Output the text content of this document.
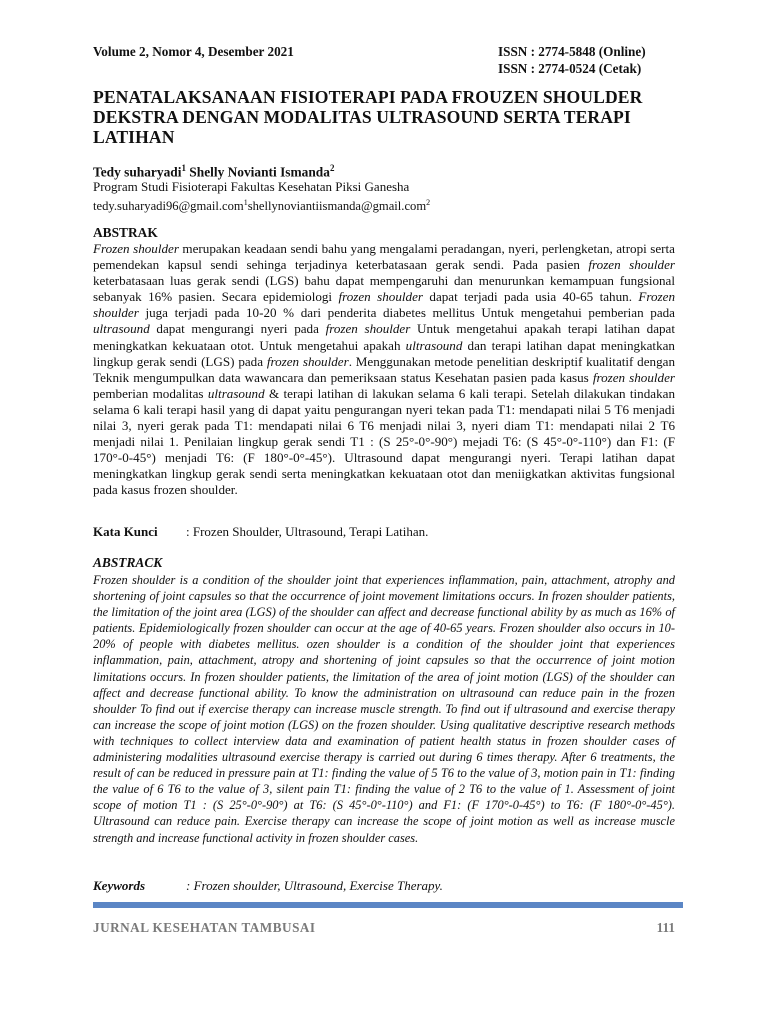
Volume 2, Nomor 4, Desember 2021	ISSN : 2774-5848 (Online)
ISSN : 2774-0524 (Cetak)
PENATALAKSANAAN FISIOTERAPI PADA FROUZEN SHOULDER DEKSTRA DENGAN MODALITAS ULTRASOUND SERTA TERAPI LATIHAN
Tedy suharyadi$^1$ Shelly Novianti Ismanda$^2$
Program Studi Fisioterapi Fakultas Kesehatan Piksi Ganesha
tedy.suharyadi96@gmail.com$^1$shellynoviantiismanda@gmail.com$^2$
ABSTRAK
Frozen shoulder merupakan keadaan sendi bahu yang mengalami peradangan, nyeri, perlengketan, atropi serta pemendekan kapsul sendi sehinga terjadinya keterbatasaan gerak sendi. Pada pasien frozen shoulder keterbatasaan luas gerak sendi (LGS) bahu dapat mempengaruhi dan menurunkan kemampuan fungsional sebanyak 16% pasien. Secara epidemiologi frozen shoulder dapat terjadi pada usia 40-65 tahun. Frozen shoulder juga terjadi pada 10-20 % dari penderita diabetes mellitus Untuk mengetahui pemberian pada ultrasound dapat mengurangi nyeri pada frozen shoulder Untuk mengetahui apakah terapi latihan dapat meningkatkan kekuataan otot. Untuk mengetahui apakah ultrasound dan terapi latihan dapat meningkatkan lingkup gerak sendi (LGS) pada frozen shoulder. Menggunakan metode penelitian deskriptif kualitatif dengan Teknik mengumpulkan data wawancara dan pemeriksaan status Kesehatan pasien pada kasus frozen shoulder pemberian modalitas ultrasound & terapi latihan di lakukan selama 6 kali terapi. Setelah dilakukan tindakan selama 6 kali terapi hasil yang di dapat yaitu pengurangan nyeri tekan pada T1: mendapati nilai 5 T6 menjadi nilai 3, nyeri gerak pada T1: mendapati nilai 6 T6 menjadi nilai 3, nyeri diam T1: mendapati nilai 2 T6 menjadi nilai 1. Penilaian lingkup gerak sendi T1 : (S 25°-0°-90°) mejadi T6: (S 45°-0°-110°) dan F1: (F 170°-0-45°) menjadi T6: (F 180°-0°-45°). Ultrasound dapat mengurangi nyeri. Terapi latihan dapat meningkatkan lingkup gerak sendi serta meningkatkan kekuataan otot dan meniigkatkan aktivitas fungsional pada kasus frozen shoulder.
Kata Kunci : Frozen Shoulder, Ultrasound, Terapi Latihan.
ABSTRACK
Frozen shoulder is a condition of the shoulder joint that experiences inflammation, pain, attachment, atrophy and shortening of joint capsules so that the occurrence of joint movement limitations occurs. In frozen shoulder patients, the limitation of the joint area (LGS) of the shoulder can affect and decrease functional ability by as much as 16% of patients. Epidemiologically frozen shoulder can occur at the age of 40-65 years. Frozen shoulder also occurs in 10-20% of people with diabetes mellitus. ozen shoulder is a condition of the shoulder joint that experiences inflammation, pain, attachment, atropy and shortening of joint capsules so that the occurrence of joint motion limitations occurs. In frozen shoulder patients, the limitation of the area of joint motion (LGS) of the shoulder can affect and decrease functional ability. To know the administration on ultrasound can reduce pain in the frozen shoulder To find out if exercise therapy can increase muscle strength. To find out if ultrasound and exercise therapy can increase the scope of joint motion (LGS) on the frozen shoulder. Using qualitative descriptive research methods with techniques to collect interview data and examination of patient health status in frozen shoulder cases of administering modalities ultrasound exercise therapy is carried out during 6 times therapy. After 6 treatments, the result of can be reduced in pressure pain at T1: finding the value of 5 T6 to the value of 3, motion pain in T1: finding the value of 6 T6 to the value of 3, silent pain T1: finding the value of 2 T6 to the value of 1. Assessment of joint scope of motion T1 : (S 25°-0°-90°) at T6: (S 45°-0°-110°) and F1: (F 170°-0-45°) to T6: (F 180°-0°-45°). Ultrasound can reduce pain. Exercise therapy can increase the scope of joint motion as well as increase muscle strength and increase functional activity in frozen shoulder cases.
Keywords	: Frozen shoulder, Ultrasound, Exercise Therapy.
JURNAL KESEHATAN TAMBUSAI	111
